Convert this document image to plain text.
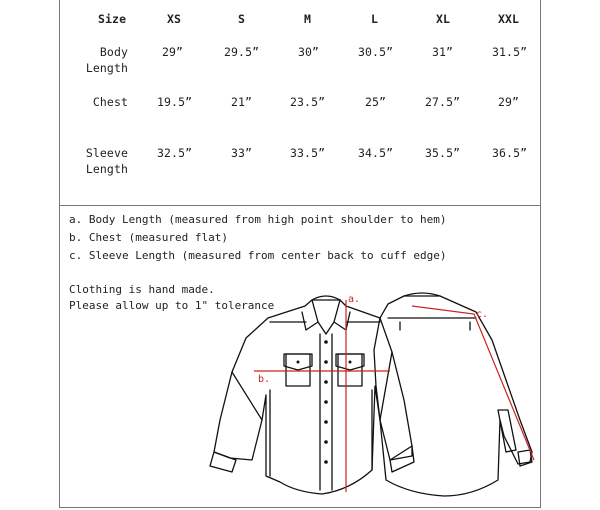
Size	XS	S	M	L	XL	XXL
Body
Length
29”	29.5”	30”	30.5”	31”	31.5”
Chest	19.5”	21”	23.5”	25”	27.5”	29”
Sleeve
Length
32.5”	33”	33.5”	34.5”	35.5”	36.5”
a. Body Length (measured from high point shoulder to hem)
b. Chest (measured flat)
c. Sleeve Length (measured from center back to cuff edge)
Clothing is hand made.
Please allow up to 1" tolerance	a.
b.
c.
